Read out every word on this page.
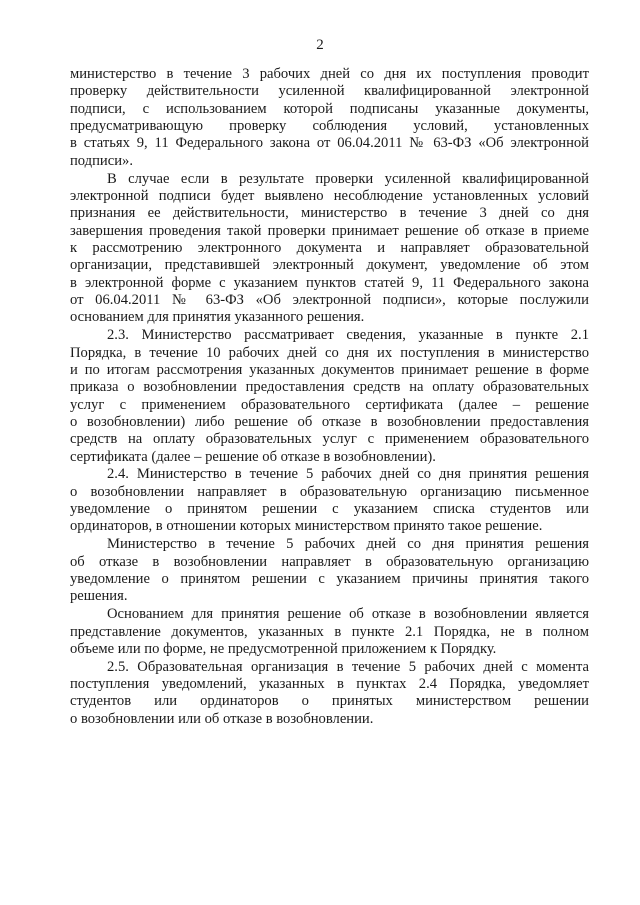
2
министерство в течение 3 рабочих дней со дня их поступления проводит
проверку действительности усиленной квалифицированной электронной
подписи, с использованием которой подписаны указанные документы,
предусматривающую проверку соблюдения условий, установленных
в статьях 9, 11 Федерального закона от 06.04.2011 № 63-ФЗ «Об электронной
подписи».
В случае если в результате проверки усиленной квалифицированной
электронной подписи будет выявлено несоблюдение установленных условий
признания ее действительности, министерство в течение 3 дней со дня
завершения проведения такой проверки принимает решение об отказе в приеме
к рассмотрению электронного документа и направляет образовательной
организации, представившей электронный документ, уведомление об этом
в электронной форме с указанием пунктов статей 9, 11 Федерального закона
от 06.04.2011 № 63-ФЗ «Об электронной подписи», которые послужили
основанием для принятия указанного решения.
2.3. Министерство рассматривает сведения, указанные в пункте 2.1
Порядка, в течение 10 рабочих дней со дня их поступления в министерство
и по итогам рассмотрения указанных документов принимает решение в форме
приказа о возобновлении предоставления средств на оплату образовательных
услуг с применением образовательного сертификата (далее – решение
о возобновлении) либо решение об отказе в возобновлении предоставления
средств на оплату образовательных услуг с применением образовательного
сертификата (далее – решение об отказе в возобновлении).
2.4. Министерство в течение 5 рабочих дней со дня принятия решения
о возобновлении направляет в образовательную организацию письменное
уведомление о принятом решении с указанием списка студентов или
ординаторов, в отношении которых министерством принято такое решение.
Министерство в течение 5 рабочих дней со дня принятия решения
об отказе в возобновлении направляет в образовательную организацию
уведомление о принятом решении с указанием причины принятия такого
решения.
Основанием для принятия решение об отказе в возобновлении является
представление документов, указанных в пункте 2.1 Порядка, не в полном
объеме или по форме, не предусмотренной приложением к Порядку.
2.5. Образовательная организация в течение 5 рабочих дней с момента
поступления уведомлений, указанных в пунктах 2.4 Порядка, уведомляет
студентов или ординаторов о принятых министерством решении
о возобновлении или об отказе в возобновлении.
